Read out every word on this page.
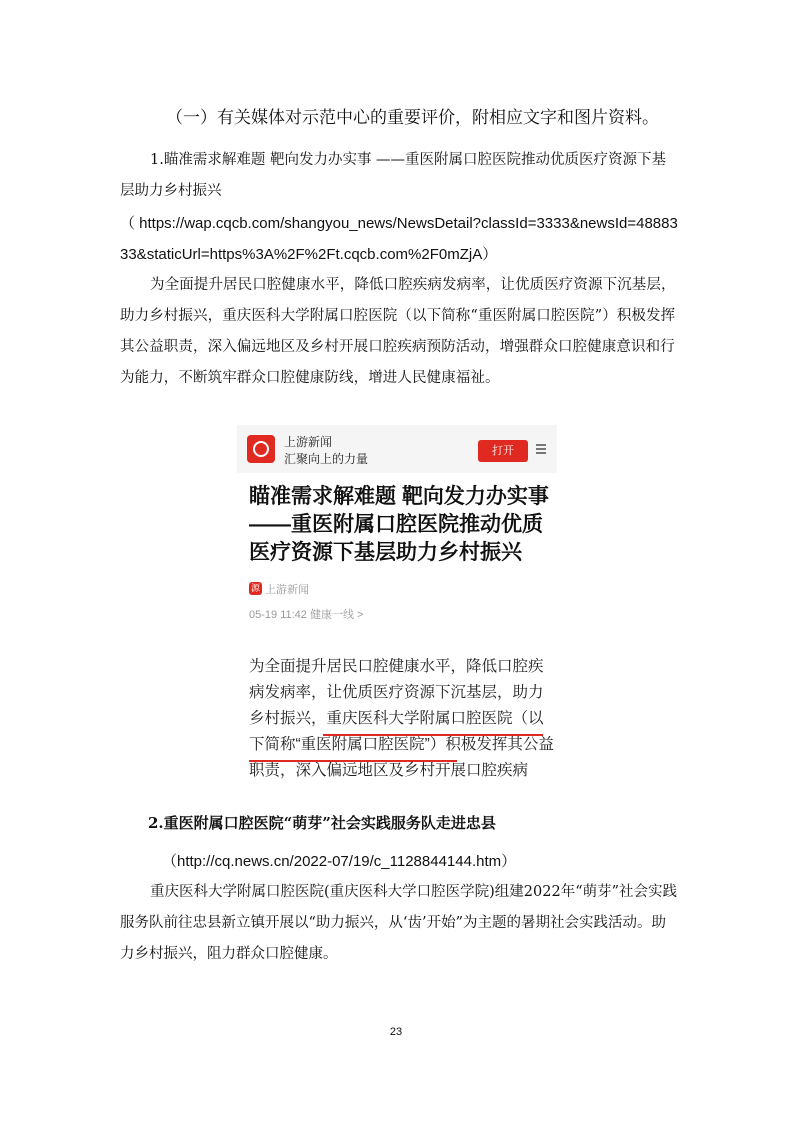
（一）有关媒体对示范中心的重要评价，附相应文字和图片资料。
1.瞄准需求解难题 靶向发力办实事 ——重医附属口腔医院推动优质医疗资源下基层助力乡村振兴
（ https://wap.cqcb.com/shangyou_news/NewsDetail?classId=3333&newsId=4888333&staticUrl=https%3A%2F%2Ft.cqcb.com%2F0mZjA）
为全面提升居民口腔健康水平，降低口腔疾病发病率，让优质医疗资源下沉基层，助力乡村振兴，重庆医科大学附属口腔医院（以下简称“重医附属口腔医院”）积极发挥其公益职责，深入偏远地区及乡村开展口腔疾病预防活动，增强群众口腔健康意识和行为能力，不断筑牢群众口腔健康防线，增进人民健康福祉。
上游新闻
汇聚向上的力量
打开
瞄准需求解难题 靶向发力办实事——重医附属口腔医院推动优质医疗资源下基层助力乡村振兴
源 上游新闻
05-19 11:42 健康一线 >
为全面提升居民口腔健康水平，降低口腔疾病发病率，让优质医疗资源下沉基层，助力乡村振兴，重庆医科大学附属口腔医院（以下简称“重医附属口腔医院”）积极发挥其公益职责，深入偏远地区及乡村开展口腔疾病
2.重医附属口腔医院“萌芽”社会实践服务队走进忠县
（http://cq.news.cn/2022-07/19/c_1128844144.htm）
重庆医科大学附属口腔医院(重庆医科大学口腔医学院)组建2022年“萌芽”社会实践服务队前往忠县新立镇开展以“助力振兴，从‘齿’开始”为主题的暑期社会实践活动。助力乡村振兴，阻力群众口腔健康。
23
